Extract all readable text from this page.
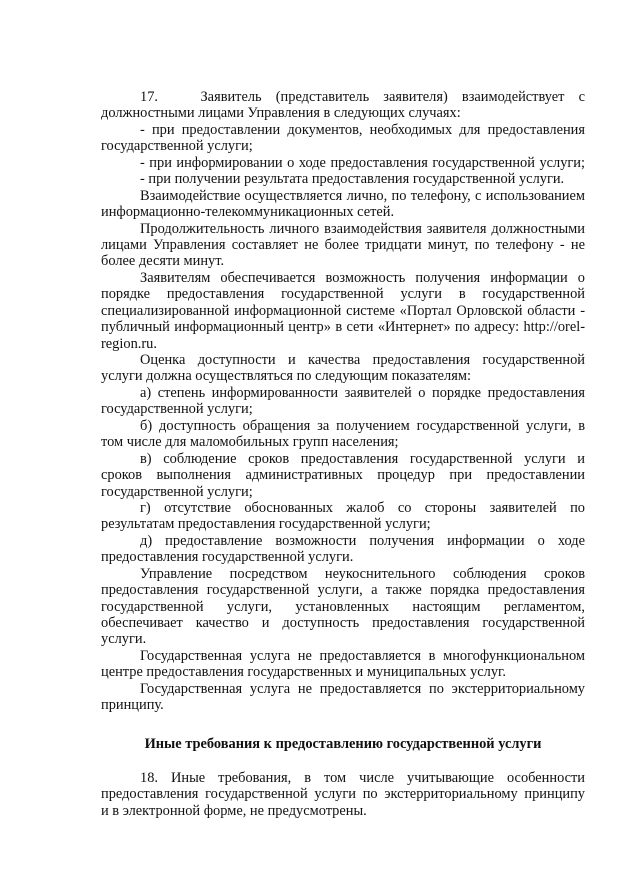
17.   Заявитель (представитель заявителя) взаимодействует с
должностными лицами Управления в следующих случаях:
- при предоставлении документов, необходимых для предоставления
государственной услуги;
- при информировании о ходе предоставления государственной услуги;
- при получении результата предоставления государственной услуги.
Взаимодействие осуществляется лично, по телефону, с использованием
информационно-телекоммуникационных сетей.
Продолжительность личного взаимодействия заявителя должностными
лицами Управления составляет не более тридцати минут, по телефону - не
более десяти минут.
Заявителям обеспечивается возможность получения информации о
порядке предоставления государственной услуги в государственной
специализированной информационной системе «Портал Орловской области -
публичный информационный центр» в сети «Интернет» по адресу: http://orel-
region.ru.
Оценка доступности и качества предоставления государственной
услуги должна осуществляться по следующим показателям:
а) степень информированности заявителей о порядке предоставления
государственной услуги;
б) доступность обращения за получением государственной услуги, в
том числе для маломобильных групп населения;
в) соблюдение сроков предоставления государственной услуги и
сроков выполнения административных процедур при предоставлении
государственной услуги;
г) отсутствие обоснованных жалоб со стороны заявителей по
результатам предоставления государственной услуги;
д) предоставление возможности получения информации о ходе
предоставления государственной услуги.
Управление посредством неукоснительного соблюдения сроков
предоставления государственной услуги, а также порядка предоставления
государственной услуги, установленных настоящим регламентом,
обеспечивает качество и доступность предоставления государственной
услуги.
Государственная услуга не предоставляется в многофункциональном
центре предоставления государственных и муниципальных услуг.
Государственная услуга не предоставляется по экстерриториальному
принципу.
Иные требования к предоставлению государственной услуги
18. Иные требования, в том числе учитывающие особенности
предоставления государственной услуги по экстерриториальному принципу
и в электронной форме, не предусмотрены.
